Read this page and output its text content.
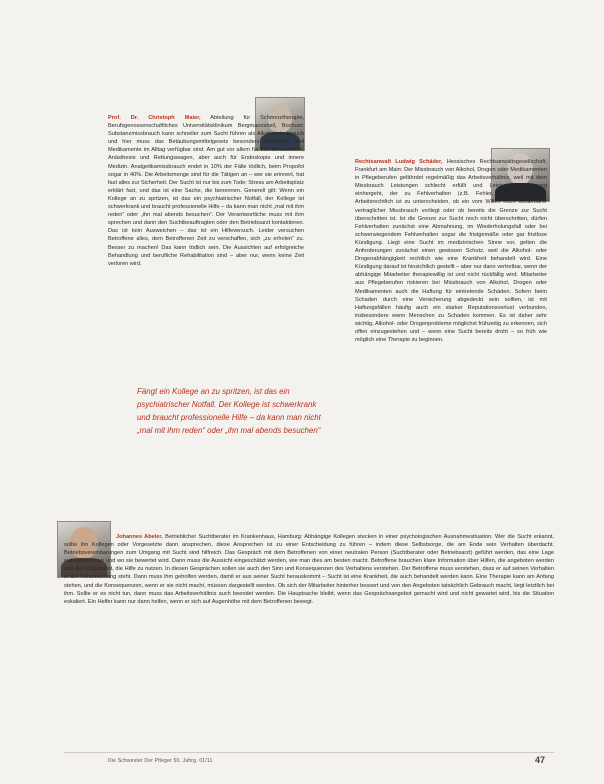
Prof. Dr. Christoph Maier, Abteilung für Schmerztherapie, Berufsgenossenschaftliches Universitätsklinikum Bergmannsheil, Bochum: Substanzmissbrauch kann schneller zum Sucht führen als Alkoholmissbrauch und hier muss das Betäubungsmittelgesetz besonders gefährdet, weil Medikamente im Alltag verfügbar sind. Am gut vor allem für Intensivstationen, Anästhesie und Rettungswagen, aber auch für Endoskopie und innere Medizin. Analgetikamissbrauch endet in 10% der Fälle tödlich, beim Propofol sogar in 40%. Die Arbeitsmenge sind für die Tätigen an – wer sie erinnert, hat fast alles zur Sicherheit. Der Sucht ist nur bis zum Tode: Stress am Arbeitsplatz erklärt fast, und das ist eine Sache, die benennen. Generell gilt: Wenn ein Kollege an zu spritzen, ist das ein psychiatrischer Notfall, der Kollege ist schwerkrank und braucht professionelle Hilfe – da kann man nicht „mal mit ihm reden“ oder „ihn mal abends besuchen“. Der Verantwortliche muss mit ihm sprechen und dann den Suchtbeauftragten oder den Betriebsarzt kontaktieren. Das ist kein Ausweichen – das ist ein Hilfeversuch. Leider versuchen Betroffene alles, dem Betroffenen Zeit zu verschaffen, sich „zu erholen“ zu. Besser zu machen! Das kann tödlich sein. Die Aussichten auf erfolgreiche Behandlung und berufliche Rehabilitation sind – aber nur, wenn keine Zeit verloren wird.

Fängt ein Kollege an zu spritzen, ist das ein psychiatrischer Notfall. Der Kollege ist schwerkrank und braucht professionelle Hilfe – da kann man nicht „mal mit ihm reden“ oder „ihn mal abends besuchen“

Rechtsanwalt Ludwig Schäder, Hessisches Rechtsanwaltsgesellschaft, Frankfurt am Main: Der Missbrauch von Alkohol, Drogen oder Medikamenten in Pflegeberufen gefährdet regelmäßig das Arbeitsverhältnis, weil mit dem Missbrauch Leistungen schlecht erfüllt und Leistungsverweigerung einhergeht, der zu Fehlverhalten (z.B. Fehler, Fehlzeiten) führt. Arbeitsrechtlich ist zu unterscheiden, ob ein vom Willen noch steuerbarer vertraglicher Missbrauch vorliegt oder ob bereits die Grenze zur Sucht überschritten ist. Ist die Grenze zur Sucht noch nicht überschritten, dürfen Fehlverhalten zunächst eine Abmahnung, im Wiederholungsfall oder bei schwerwiegendem Fehlverhalten sogar die fristgemäße oder gar fristlose Kündigung. Liegt eine Sucht im medizinischen Sinne vor, gelten die Anforderungen zunächst einen gewissen Schutz, weil die Alkohol- oder Drogenabhängigkeit rechtlich wie eine Krankheit behandelt wird. Eine Kündigung darauf ist hinsichtlich gestellt – aber nur dann vertretbar, wenn der abhängige Mitarbeiter therapiewillig ist und nicht rückfällig wird. Mitarbeiter aus Pflegeberufen riskieren bei Missbrauch von Alkohol, Drogen oder Medikamenten auch die Haftung für eintretende Schäden. Sofern beim Schaden durch eine Versicherung abgedeckt sein sollten, ist mit Haftungsfällen häufig auch ein starker Reputationsverlust verbunden, insbesondere wenn Menschen zu Schaden kommen. Es ist daher sehr wichtig, Alkohol- oder Drogenprobleme möglichst frühzeitig zu erkennen, sich offen einzugestehen und – wenn eine Sucht bereits droht – so früh wie möglich eine Therapie zu beginnen.

Johannes Abeler, Betrieblicher Suchtberater im Krankenhaus, Hamburg: Abhängige Kollegen stecken in einer psychologischen Ausnahmesituation. Wer die Sucht erkannt, sollte ihn Kollegen oder Vorgesetzte dann ansprechen, diese Ansprechen ist zu einer Entscheidung zu führen – indem diese Selbstsorge, die am Ende sein Verhalten überdacht. Betriebsvereinbarungen zum Umgang mit Sucht sind hilfreich. Das Gespräch mit dem Betroffenen von einer neutralen Person (Suchtberater oder Betriebsarzt) geführt werden, das eine Lage wahrgenommen und wo sie bewertet wird. Dann muss die Aussicht eingeschätzt werden, wie man dies am besten macht. Betroffene brauchen klare Information über Hilfen, die angeboten werden und die Möglichkeit, die Hilfe zu nutzen. In diesen Gesprächen sollen sie auch den Sinn und Konsequenzen des Verhaltens verstehen. Der Betroffene muss verstehen, dass er auf seinen Verhalten in der Verantwortung steht. Dann muss ihm geholfen werden, damit er aus seiner Sucht herauskommt – Sucht ist eine Krankheit, die auch behandelt werden kann. Eine Therapie kann am Anfang stehen, und die Konsequenzen, wenn er sie nicht macht, müssen dargestellt werden. Ob sich der Mitarbeiter hinterher bessert und von den Angeboten tatsächlich Gebrauch macht, liegt letztlich bei ihm. Sollte er es nicht tun, dann muss das Arbeitsverhältnis auch beendet werden. Die Hauptsache bleibt, wenn das Gesprächsangebot gemacht wird und nicht gewartet wird, bis die Situation eskaliert. Ein Helfer kann nur dann helfen, wenn er sich auf Augenhöhe mit dem Betroffenen bewegt.

Die Schwester Der Pfleger 50. Jahrg. 01/11	47
